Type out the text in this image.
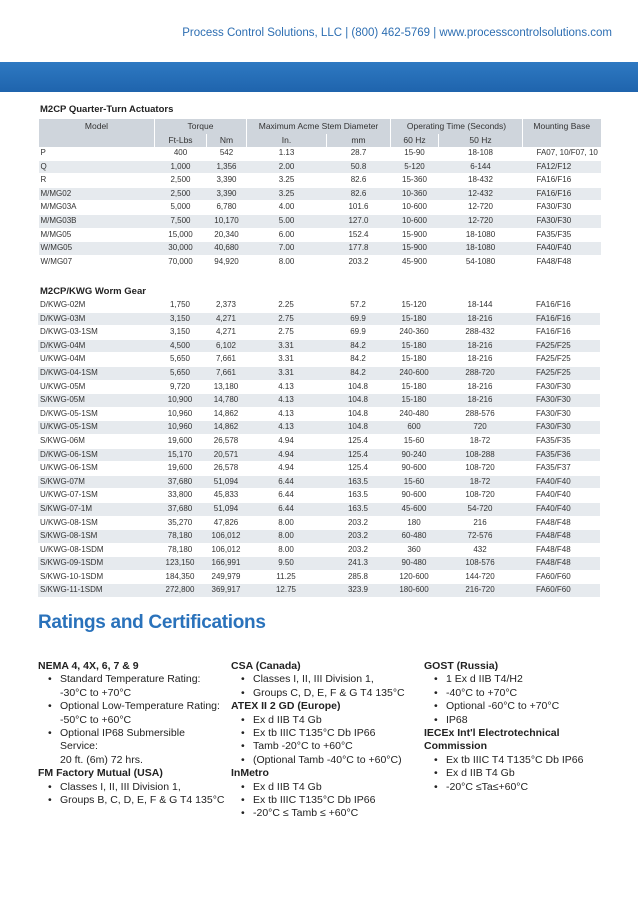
Process Control Solutions, LLC | (800) 462-5769 | www.processcontrolsolutions.com
M2CP Quarter-Turn Actuators
Model	Torque		Maximum Acme Stem Diameter		Operating Time (Seconds)		Mounting Base
	Ft-Lbs	Nm	In.	mm	60 Hz	50 Hz	
P	400	542	1.13	28.7	15-90	18-108	FA07, 10/F07, 10
Q	1,000	1,356	2.00	50.8	5-120	6-144	FA12/F12
R	2,500	3,390	3.25	82.6	15-360	18-432	FA16/F16
M/MG02	2,500	3,390	3.25	82.6	10-360	12-432	FA16/F16
M/MG03A	5,000	6,780	4.00	101.6	10-600	12-720	FA30/F30
M/MG03B	7,500	10,170	5.00	127.0	10-600	12-720	FA30/F30
M/MG05	15,000	20,340	6.00	152.4	15-900	18-1080	FA35/F35
W/MG05	30,000	40,680	7.00	177.8	15-900	18-1080	FA40/F40
W/MG07	70,000	94,920	8.00	203.2	45-900	54-1080	FA48/F48
M2CP/KWG Worm Gear
D/KWG-02M	1,750	2,373	2.25	57.2	15-120	18-144	FA16/F16
D/KWG-03M	3,150	4,271	2.75	69.9	15-180	18-216	FA16/F16
D/KWG-03-1SM	3,150	4,271	2.75	69.9	240-360	288-432	FA16/F16
D/KWG-04M	4,500	6,102	3.31	84.2	15-180	18-216	FA25/F25
U/KWG-04M	5,650	7,661	3.31	84.2	15-180	18-216	FA25/F25
D/KWG-04-1SM	5,650	7,661	3.31	84.2	240-600	288-720	FA25/F25
U/KWG-05M	9,720	13,180	4.13	104.8	15-180	18-216	FA30/F30
S/KWG-05M	10,900	14,780	4.13	104.8	15-180	18-216	FA30/F30
D/KWG-05-1SM	10,960	14,862	4.13	104.8	240-480	288-576	FA30/F30
U/KWG-05-1SM	10,960	14,862	4.13	104.8	600	720	FA30/F30
S/KWG-06M	19,600	26,578	4.94	125.4	15-60	18-72	FA35/F35
D/KWG-06-1SM	15,170	20,571	4.94	125.4	90-240	108-288	FA35/F36
U/KWG-06-1SM	19,600	26,578	4.94	125.4	90-600	108-720	FA35/F37
S/KWG-07M	37,680	51,094	6.44	163.5	15-60	18-72	FA40/F40
U/KWG-07-1SM	33,800	45,833	6.44	163.5	90-600	108-720	FA40/F40
S/KWG-07-1M	37,680	51,094	6.44	163.5	45-600	54-720	FA40/F40
U/KWG-08-1SM	35,270	47,826	8.00	203.2	180	216	FA48/F48
S/KWG-08-1SM	78,180	106,012	8.00	203.2	60-480	72-576	FA48/F48
U/KWG-08-1SDM	78,180	106,012	8.00	203.2	360	432	FA48/F48
S/KWG-09-1SDM	123,150	166,991	9.50	241.3	90-480	108-576	FA48/F48
S/KWG-10-1SDM	184,350	249,979	11.25	285.8	120-600	144-720	FA60/F60
S/KWG-11-1SDM	272,800	369,917	12.75	323.9	180-600	216-720	FA60/F60
Ratings and Certifications
NEMA 4, 4X, 6, 7 & 9
• Standard Temperature Rating:
-30°C to +70°C
• Optional Low-Temperature Rating:
-50°C to +60°C
• Optional IP68 Submersible
Service:
20 ft. (6m) 72 hrs.
FM Factory Mutual (USA)
• Classes I, II, III Division 1,
• Groups B, C, D, E, F & G T4 135°C
CSA (Canada)
• Classes I, II, III Division 1,
• Groups C, D, E, F & G T4 135°C
ATEX II 2 GD (Europe)
• Ex d IIB T4 Gb
• Ex tb IIIC T135°C Db IP66
• Tamb -20°C to +60°C
• (Optional Tamb -40°C to +60°C)
InMetro
• Ex d IIB T4 Gb
• Ex tb IIIC T135°C Db IP66
• -20°C ≤ Tamb ≤ +60°C
GOST (Russia)
• 1 Ex d IIB T4/H2
• -40°C to +70°C
• Optional -60°C to +70°C
• IP68
IECEx Int'l Electrotechnical Commission
• Ex tb IIIC T4 T135°C Db IP66
• Ex d IIB T4 Gb
• -20°C ≤Ta≤+60°C
